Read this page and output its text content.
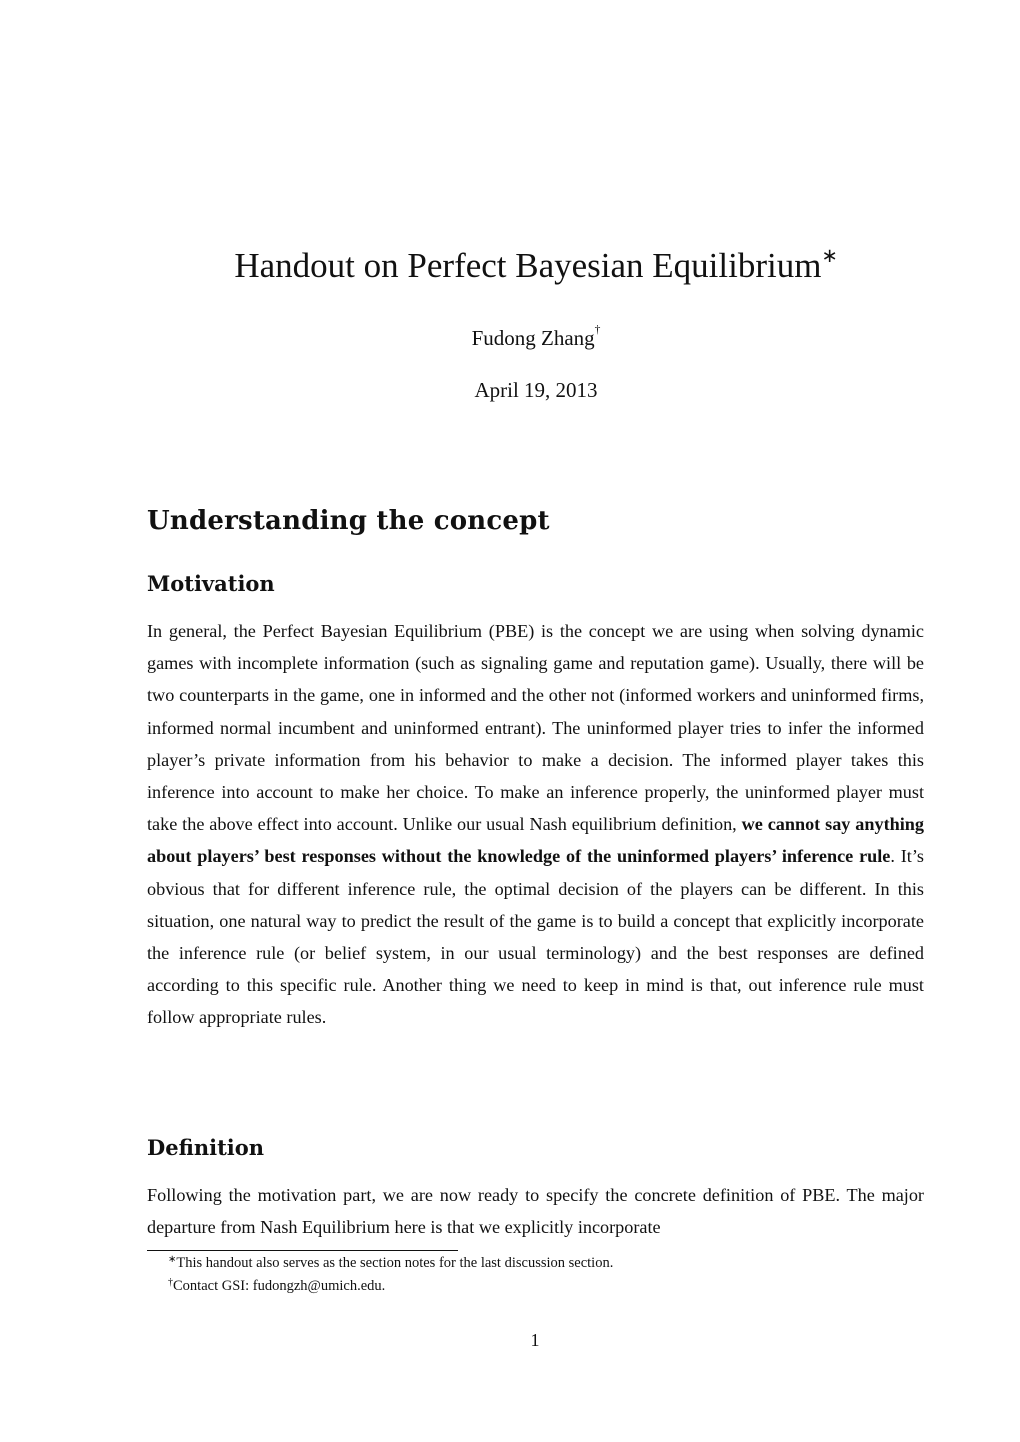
Handout on Perfect Bayesian Equilibrium∗
Fudong Zhang†
April 19, 2013
Understanding the concept
Motivation

In general, the Perfect Bayesian Equilibrium (PBE) is the concept we are using when solving dynamic games with incomplete information (such as signaling game and reputation game). Usually, there will be two counterparts in the game, one in informed and the other not (informed workers and uninformed firms, informed normal incumbent and uninformed entrant). The uninformed player tries to infer the informed player’s private information from his behavior to make a decision. The informed player takes this inference into account to make her choice. To make an inference properly, the uninformed player must take the above effect into account. Unlike our usual Nash equilibrium definition, we cannot say anything about players’ best responses without the knowledge of the uninformed players’ inference rule. It’s obvious that for different inference rule, the optimal decision of the players can be different. In this situation, one natural way to predict the result of the game is to build a concept that explicitly incorporate the inference rule (or belief system, in our usual terminology) and the best responses are defined according to this specific rule. Another thing we need to keep in mind is that, out inference rule must follow appropriate rules.

Definition

Following the motivation part, we are now ready to specify the concrete definition of PBE. The major departure from Nash Equilibrium here is that we explicitly incorporate

∗This handout also serves as the section notes for the last discussion section.

†Contact GSI: fudongzh@umich.edu.

1
